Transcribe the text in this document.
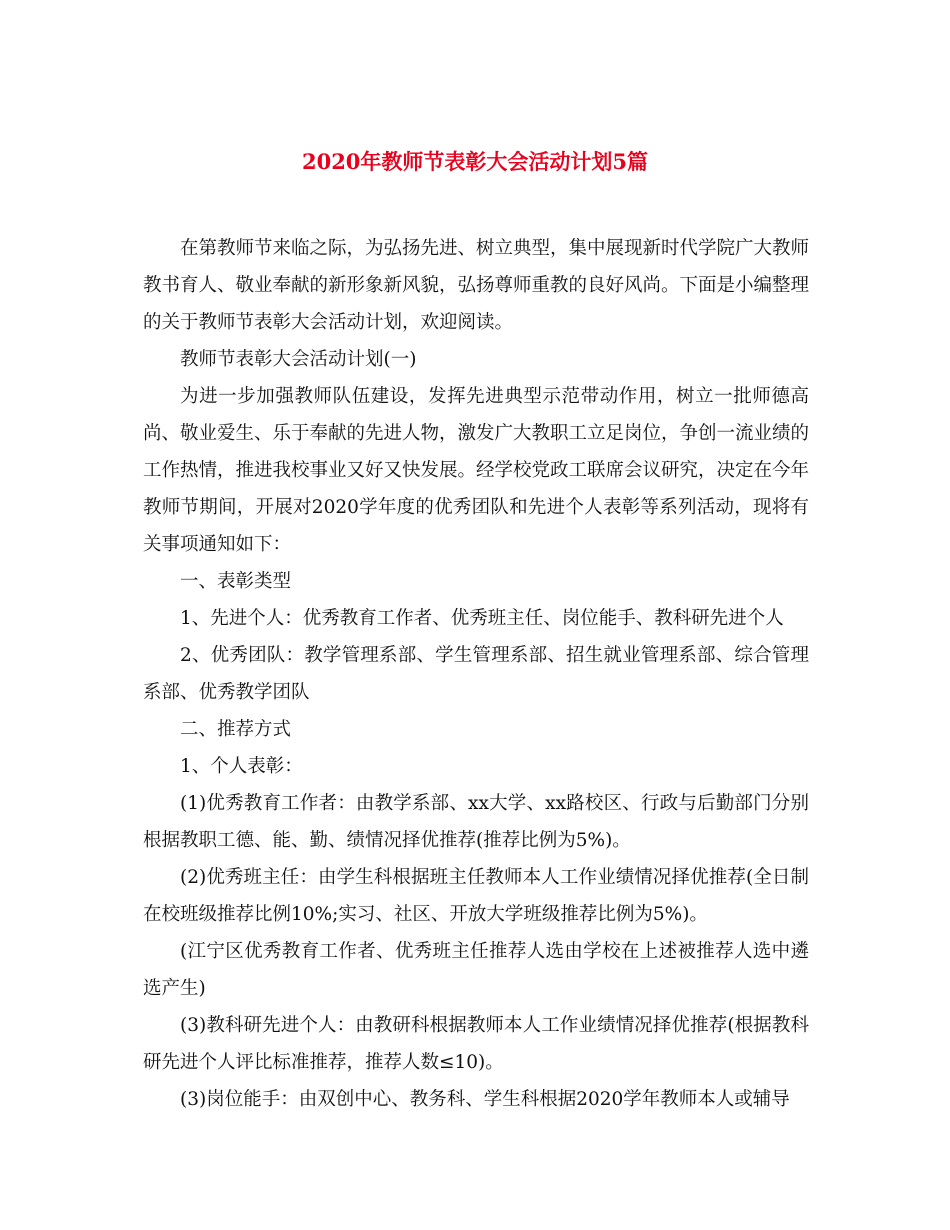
2020年教师节表彰大会活动计划5篇

在第教师节来临之际，为弘扬先进、树立典型，集中展现新时代学院广大教师教书育人、敬业奉献的新形象新风貌，弘扬尊师重教的良好风尚。下面是小编整理的关于教师节表彰大会活动计划，欢迎阅读。

教师节表彰大会活动计划(一)

为进一步加强教师队伍建设，发挥先进典型示范带动作用，树立一批师德高尚、敬业爱生、乐于奉献的先进人物，激发广大教职工立足岗位，争创一流业绩的工作热情，推进我校事业又好又快发展。经学校党政工联席会议研究，决定在今年教师节期间，开展对2020学年度的优秀团队和先进个人表彰等系列活动，现将有关事项通知如下：

一、表彰类型

1、先进个人：优秀教育工作者、优秀班主任、岗位能手、教科研先进个人

2、优秀团队：教学管理系部、学生管理系部、招生就业管理系部、综合管理系部、优秀教学团队

二、推荐方式

1、个人表彰：

(1)优秀教育工作者：由教学系部、xx大学、xx路校区、行政与后勤部门分别根据教职工德、能、勤、绩情况择优推荐(推荐比例为5%)。

(2)优秀班主任：由学生科根据班主任教师本人工作业绩情况择优推荐(全日制在校班级推荐比例10%;实习、社区、开放大学班级推荐比例为5%)。

(江宁区优秀教育工作者、优秀班主任推荐人选由学校在上述被推荐人选中遴选产生)

(3)教科研先进个人：由教研科根据教师本人工作业绩情况择优推荐(根据教科研先进个人评比标准推荐，推荐人数≤10)。

(3)岗位能手：由双创中心、教务科、学生科根据2020学年教师本人或辅导
